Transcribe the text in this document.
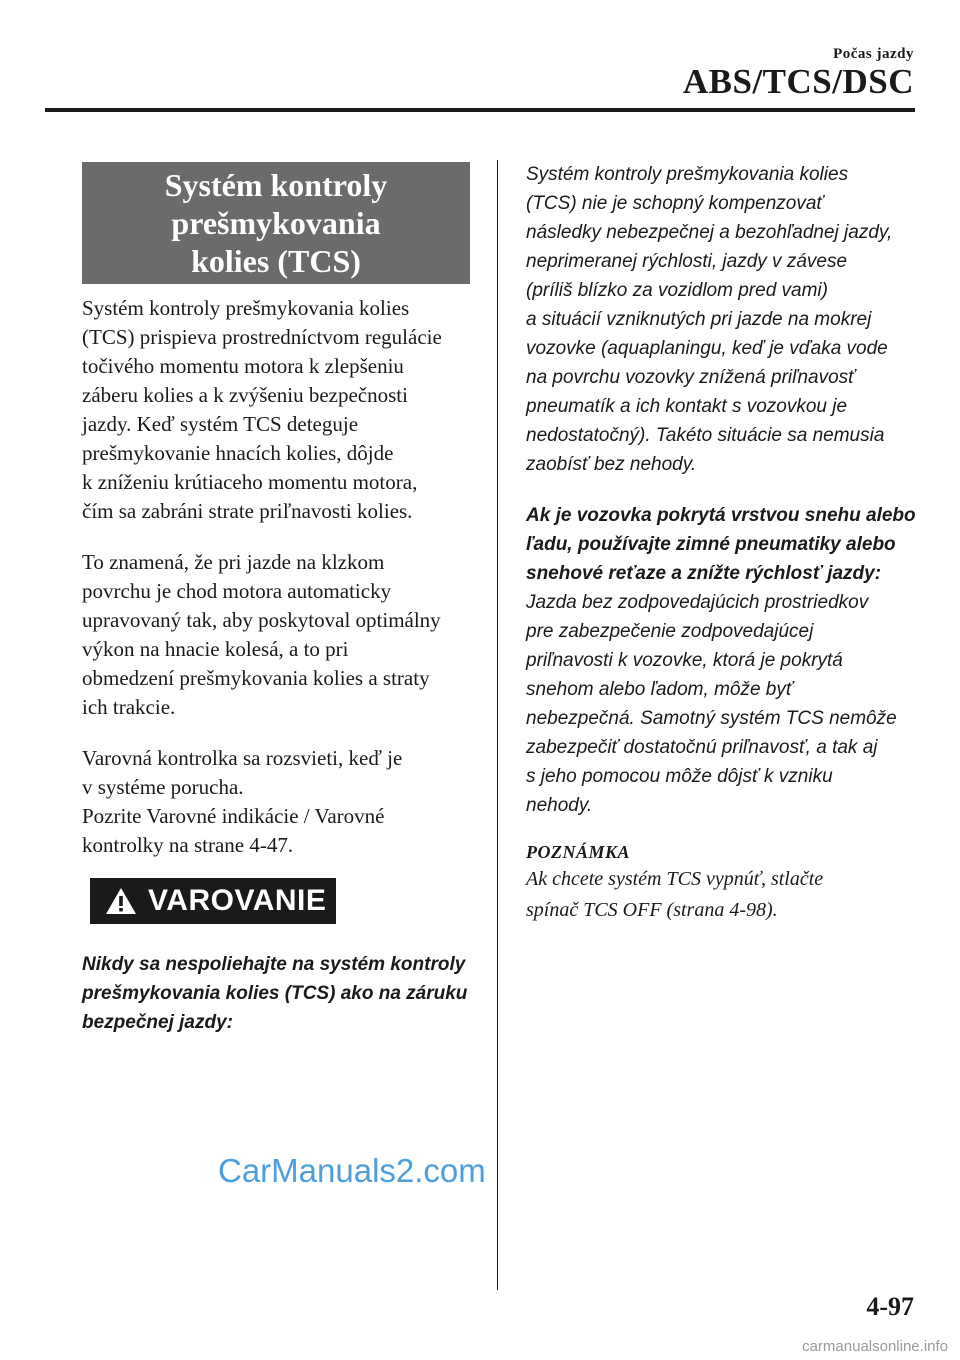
Počas jazdy
ABS/TCS/DSC
Systém kontroly
prešmykovania
kolies (TCS)

Systém kontroly prešmykovania kolies

(TCS) prispieva prostredníctvom regulácie

točivého momentu motora k zlepšeniu

záberu kolies a k zvýšeniu bezpečnosti

jazdy. Keď systém TCS deteguje

prešmykovanie hnacích kolies, dôjde

k zníženiu krútiaceho momentu motora,

čím sa zabráni strate priľnavosti kolies.

To znamená, že pri jazde na klzkom

povrchu je chod motora automaticky

upravovaný tak, aby poskytoval optimálny

výkon na hnacie kolesá, a to pri

obmedzení prešmykovania kolies a straty

ich trakcie.

Varovná kontrolka sa rozsvieti, keď je

v systéme porucha.

Pozrite Varovné indikácie / Varovné

kontrolky na strane 4-47.

VAROVANIE

Nikdy sa nespoliehajte na systém kontroly

prešmykovania kolies (TCS) ako na záruku

bezpečnej jazdy:

Systém kontroly prešmykovania kolies

(TCS) nie je schopný kompenzovať

následky nebezpečnej a bezohľadnej jazdy,

neprimeranej rýchlosti, jazdy v závese

(príliš blízko za vozidlom pred vami)

a situácií vzniknutých pri jazde na mokrej

vozovke (aquaplaningu, keď je vďaka vode

na povrchu vozovky znížená priľnavosť

pneumatík a ich kontakt s vozovkou je

nedostatočný). Takéto situácie sa nemusia

zaobísť bez nehody.

Ak je vozovka pokrytá vrstvou snehu alebo

ľadu, používajte zimné pneumatiky alebo

snehové reťaze a znížte rýchlosť jazdy:

Jazda bez zodpovedajúcich prostriedkov

pre zabezpečenie zodpovedajúcej

priľnavosti k vozovke, ktorá je pokrytá

snehom alebo ľadom, môže byť

nebezpečná. Samotný systém TCS nemôže

zabezpečiť dostatočnú priľnavosť, a tak aj

s jeho pomocou môže dôjsť k vzniku

nehody.

POZNÁMKA

Ak chcete systém TCS vypnúť, stlačte

spínač TCS OFF (strana 4-98).

CarManuals2.com
4-97
carmanualsonline.info
